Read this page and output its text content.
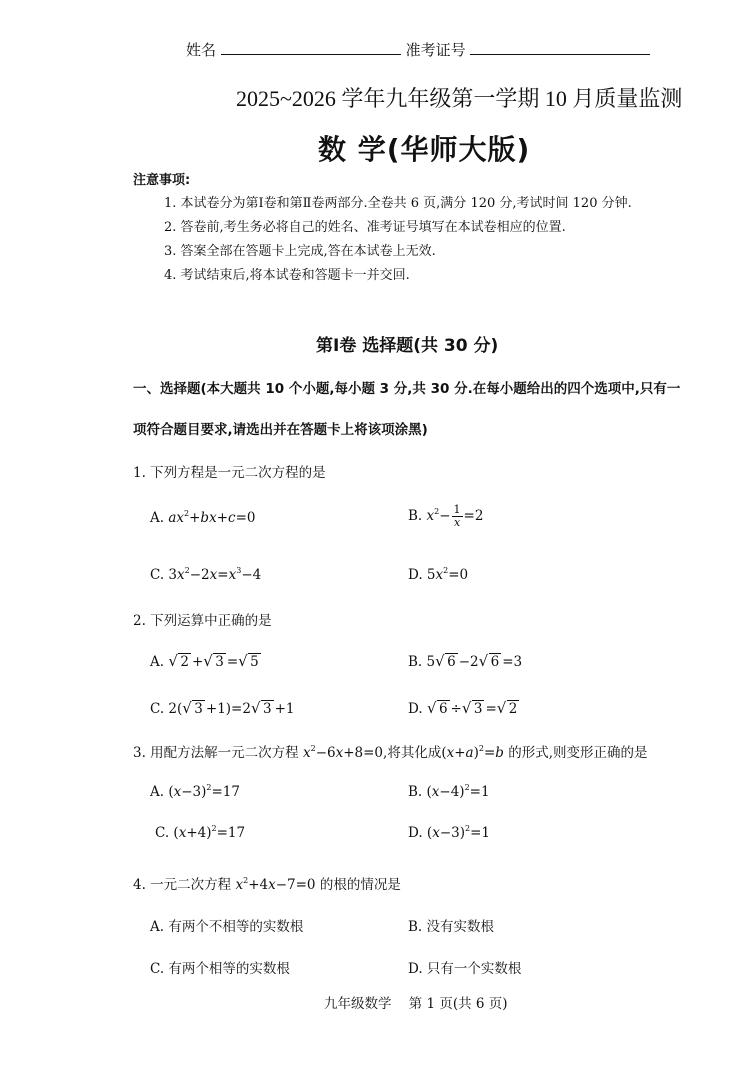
姓名	准考证号
2025~2026 学年九年级第一学期 10 月质量监测
数 学(华师大版)
注意事项:
1. 本试卷分为第Ⅰ卷和第Ⅱ卷两部分.全卷共 6 页,满分 120 分,考试时间 120 分钟.
2. 答卷前,考生务必将自己的姓名、准考证号填写在本试卷相应的位置.
3. 答案全部在答题卡上完成,答在本试卷上无效.
4. 考试结束后,将本试卷和答题卡一并交回.
第Ⅰ卷 选择题(共 30 分)
一、选择题(本大题共 10 个小题,每小题 3 分,共 30 分.在每小题给出的四个选项中,只有一
项符合题目要求,请选出并在答题卡上将该项涂黑)
1. 下列方程是一元二次方程的是
A. $ax^2+bx+c=0$	B. $x^2- \frac{1}{x} =2$
C. $3x^2-2x=x^3-4$	D. $5x^2=0$
2. 下列运算中正确的是
A. √ 2 + √ 3 = √ 5	B. 5 √ 6 −2 √ 6 =3
C. 2( √ 3 +1)=2 √ 3 +1	D. √ 6 ÷ √ 3 = √ 2
3. 用配方法解一元二次方程 $x^2-6x+8=0$,将其化成$(x+a)^2=b$ 的形式,则变形正确的是
A. $(x-3)^2=17$	B. $(x-4)^2=1$
C. $(x+4)^2=17$	D. $(x-3)^2=1$
4. 一元二次方程 $x^2+4x-7=0$ 的根的情况是
A. 有两个不相等的实数根	B. 没有实数根
C. 有两个相等的实数根	D. 只有一个实数根
九年级数学    第 1 页(共 6 页)
